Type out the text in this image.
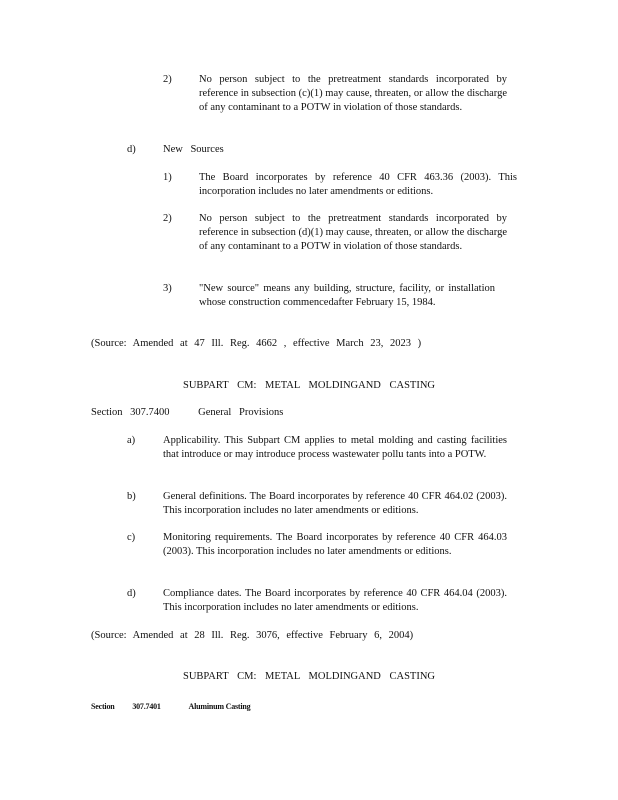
2)	No person subject to the pretreatment standards incorporated by reference in subsection (c)(1) may cause, threaten, or allow the discharge of any contaminant to a POTW in violation of those standards.
d)	New Sources
1)	The Board incorporates by reference 40 CFR 463.36 (2003). This incorporation includes no later amendments or editions.
2)	No person subject to the pretreatment standards incorporated by reference in subsection (d)(1) may cause, threaten, or allow the discharge of any contaminant to a POTW in violation of those standards.
3)	"New source" means any building, structure, facility, or installation whose construction commencedafter February 15, 1984.
(Source: Amended at 47 Ill. Reg. 4662 , effective March 23, 2023 )
SUBPART CM: METAL MOLDINGAND CASTING
Section 307.7400	General Provisions
a)	Applicability. This Subpart CM applies to metal molding and casting facilities that introduce or may introduce process wastewater pollu tants into a POTW.
b)	General definitions. The Board incorporates by reference 40 CFR 464.02 (2003). This incorporation includes no later amendments or editions.
c)	Monitoring requirements. The Board incorporates by reference 40 CFR 464.03 (2003). This incorporation includes no later amendments or editions.
d)	Compliance dates. The Board incorporates by reference 40 CFR 464.04 (2003). This incorporation includes no later amendments or editions.
(Source: Amended at 28 Ill. Reg. 3076, effective February 6, 2004)
SUBPART CM: METAL MOLDINGAND CASTING
Section 307.7401	Aluminum Casting
